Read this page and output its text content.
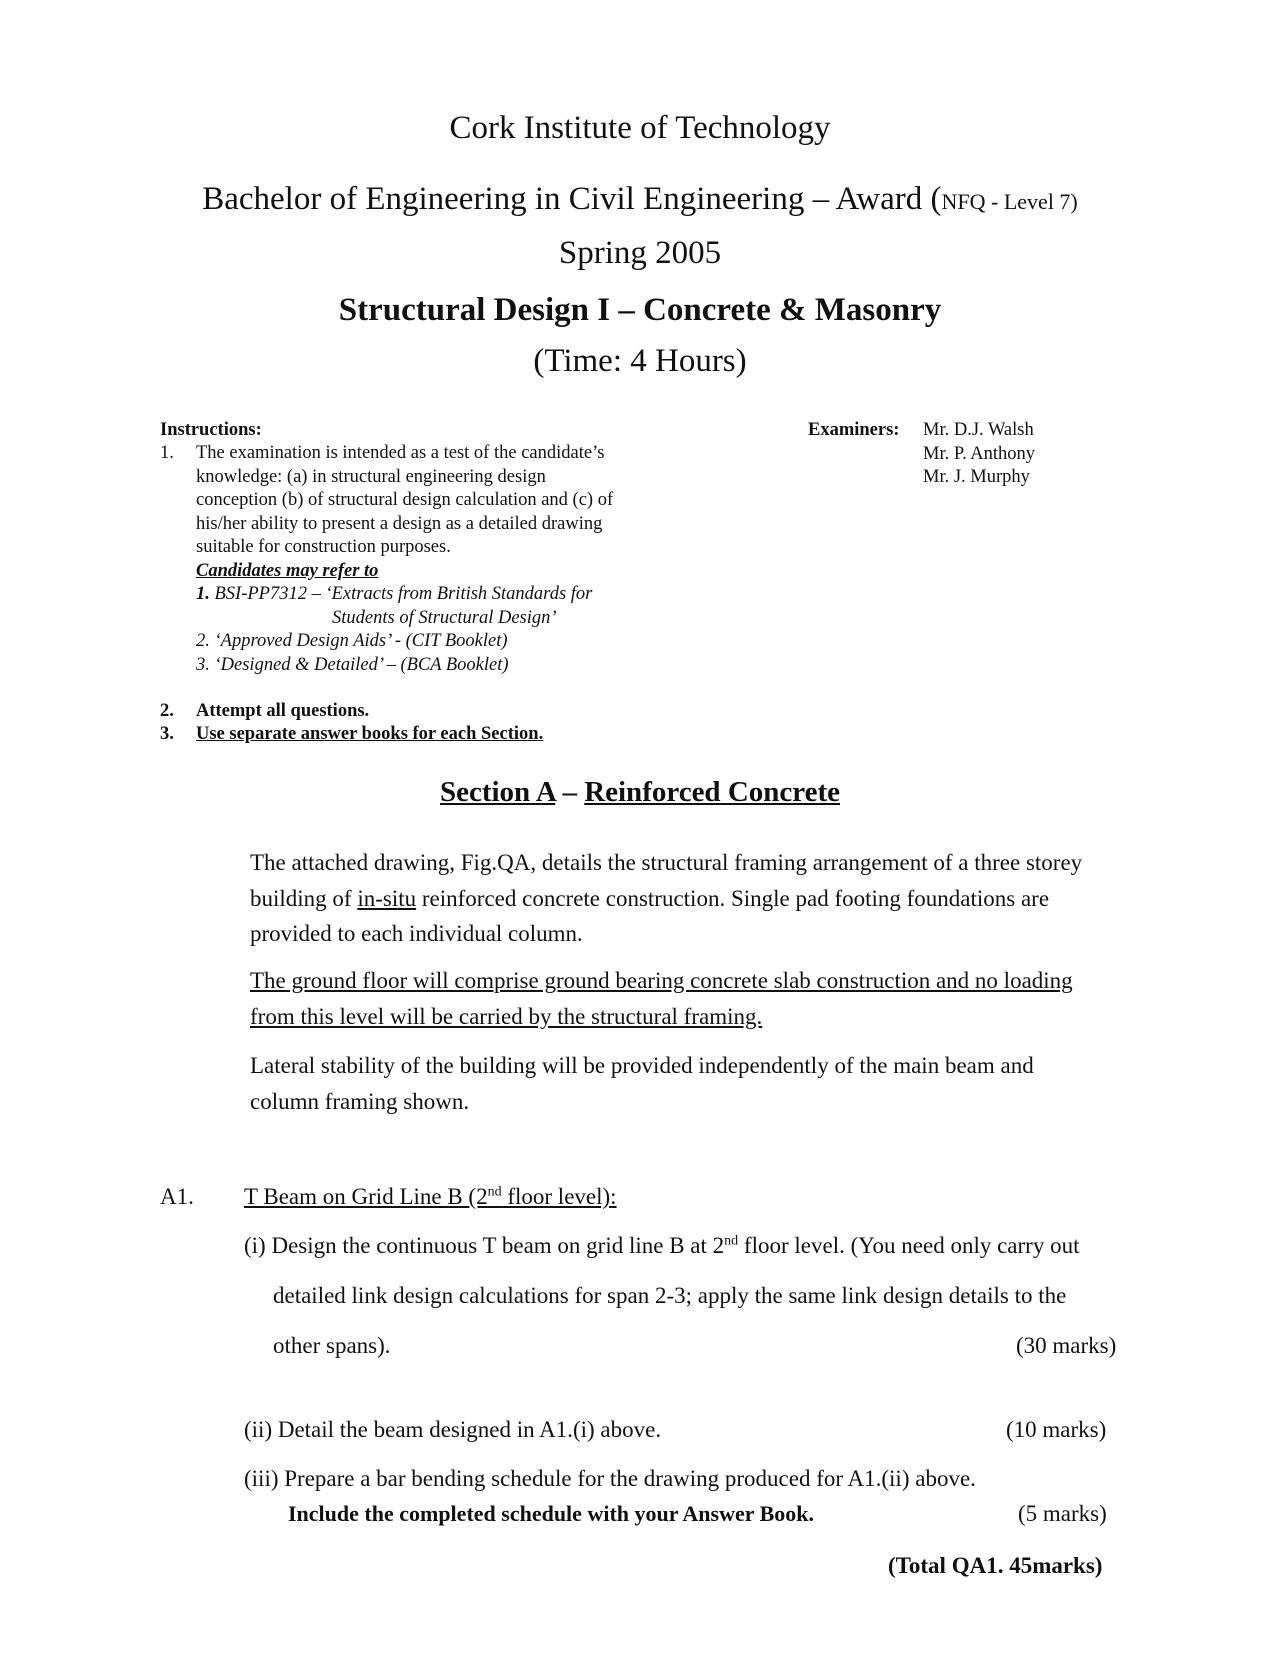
Cork Institute of Technology
Bachelor of Engineering in Civil Engineering – Award (NFQ - Level 7)
Spring 2005
Structural Design I – Concrete & Masonry
(Time: 4 Hours)
Instructions:
1. The examination is intended as a test of the candidate’s
knowledge: (a) in structural engineering design
conception (b) of structural design calculation and (c) of
his/her ability to present a design as a detailed drawing
suitable for construction purposes.
Candidates may refer to
1. BSI-PP7312 – ‘Extracts from British Standards for
Students of Structural Design’
2. ‘Approved Design Aids’ - (CIT Booklet)
3. ‘Designed & Detailed’ – (BCA Booklet)
2. Attempt all questions.
3. Use separate answer books for each Section.
Examiners: Mr. D.J. Walsh
Mr. P. Anthony
Mr. J. Murphy
Section A – Reinforced Concrete
The attached drawing, Fig.QA, details the structural framing arrangement of a three storey
building of in-situ reinforced concrete construction. Single pad footing foundations are
provided to each individual column.
The ground floor will comprise ground bearing concrete slab construction and no loading
from this level will be carried by the structural framing.
Lateral stability of the building will be provided independently of the main beam and
column framing shown.
A1. T Beam on Grid Line B (2nd floor level):
(i) Design the continuous T beam on grid line B at 2nd floor level. (You need only carry out
detailed link design calculations for span 2-3; apply the same link design details to the
other spans).	(30 marks)
(ii) Detail the beam designed in A1.(i) above.	(10 marks)
(iii) Prepare a bar bending schedule for the drawing produced for A1.(ii) above.
Include the completed schedule with your Answer Book.	(5 marks)
(Total QA1. 45marks)
